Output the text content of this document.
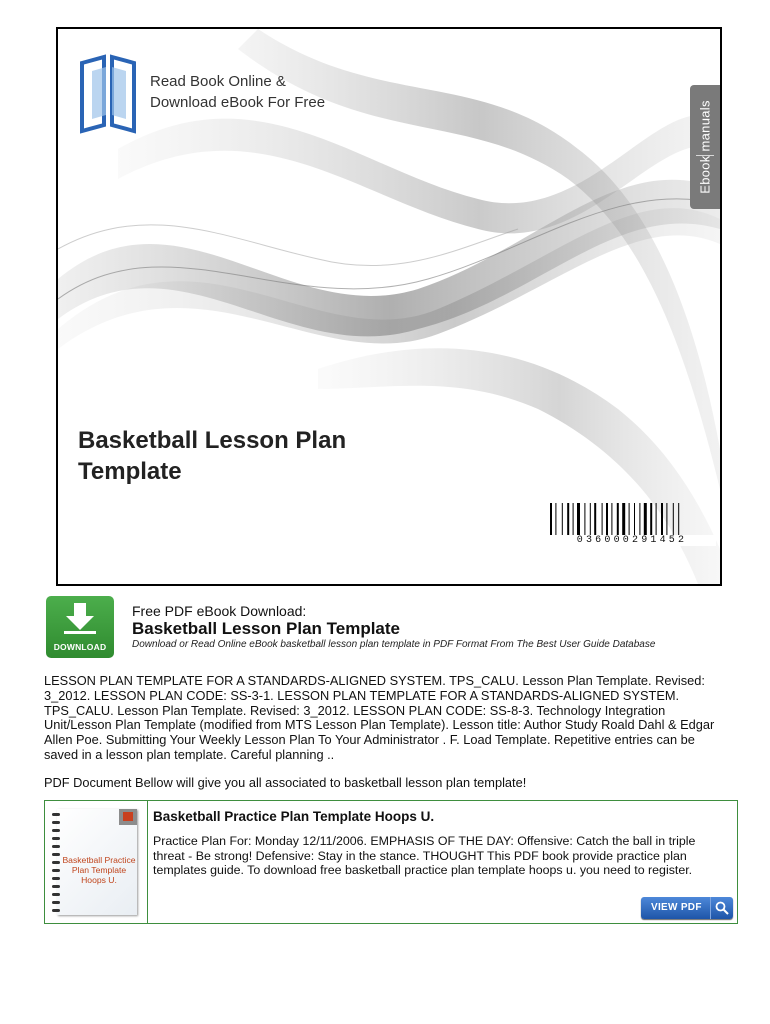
Read Book Online &
Download eBook For Free	Ebook manuals
Basketball Lesson Plan
Template
036000291452
DOWNLOAD
Free PDF eBook Download:
Basketball Lesson Plan Template
Download or Read Online eBook basketball lesson plan template in PDF Format From The Best User Guide Database
LESSON PLAN TEMPLATE FOR A STANDARDS-ALIGNED SYSTEM. TPS_CALU. Lesson Plan Template. Revised:
3_2012. LESSON PLAN CODE: SS-3-1. LESSON PLAN TEMPLATE FOR A STANDARDS-ALIGNED SYSTEM.
TPS_CALU. Lesson Plan Template. Revised: 3_2012. LESSON PLAN CODE: SS-8-3. Technology Integration
Unit/Lesson Plan Template (modified from MTS Lesson Plan Template). Lesson title: Author Study Roald Dahl & Edgar
Allen Poe. Submitting Your Weekly Lesson Plan To Your Administrator . F. Load Template. Repetitive entries can be
saved in a lesson plan template. Careful planning ..
PDF Document Bellow will give you all associated to basketball lesson plan template!
Basketball Practice
Plan Template
Hoops U.
Basketball Practice Plan Template Hoops U.
Practice Plan For: Monday 12/11/2006. EMPHASIS OF THE DAY: Offensive: Catch the ball in triple
threat - Be strong! Defensive: Stay in the stance. THOUGHT This PDF book provide practice plan
templates guide. To download free basketball practice plan template hoops u. you need to register.
VIEW PDF
